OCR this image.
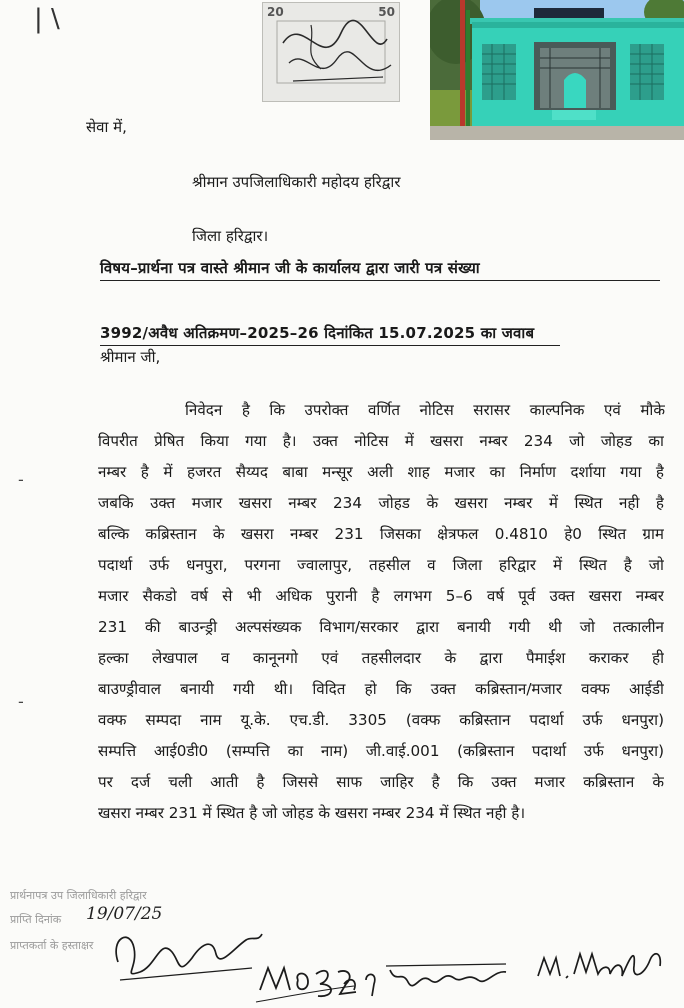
| \	20	50
सेवा में,
श्रीमान उपजिलाधिकारी महोदय हरिद्वार
जिला हरिद्वार।
विषय–प्रार्थना पत्र वास्ते श्रीमान जी के कार्यालय द्वारा जारी पत्र संख्या
3992/अवैध अतिक्रमण–2025–26 दिनांकित 15.07.2025 का जवाब
श्रीमान जी,
निवेदन है कि उपरोक्त वर्णित नोटिस सरासर काल्पनिक एवं मौके
विपरीत प्रेषित किया गया है। उक्त नोटिस में खसरा नम्बर 234 जो जोहड का
नम्बर है में हजरत सैय्यद बाबा मन्सूर अली शाह मजार का निर्माण दर्शाया गया है
जबकि उक्त मजार खसरा नम्बर 234 जोहड के खसरा नम्बर में स्थित नही है
बल्कि कब्रिस्तान के खसरा नम्बर 231 जिसका क्षेत्रफल 0.4810 हे0 स्थित ग्राम
पदार्था उर्फ धनपुरा, परगना ज्वालापुर, तहसील व जिला हरिद्वार में स्थित है जो
मजार सैकडो वर्ष से भी अधिक पुरानी है लगभग 5–6 वर्ष पूर्व उक्त खसरा नम्बर
231 की बाउन्ड्री अल्पसंख्यक विभाग/सरकार द्वारा बनायी गयी थी जो तत्कालीन
हल्का लेखपाल व कानूनगो एवं तहसीलदार के द्वारा पैमाईश कराकर ही
बाउण्ड्रीवाल बनायी गयी थी। विदित हो कि उक्त कब्रिस्तान/मजार वक्फ आईडी
वक्फ सम्पदा नाम यू.के. एच.डी. 3305 (वक्फ कब्रिस्तान पदार्था उर्फ धनपुरा)
सम्पत्ति आई0डी0 (सम्पत्ति का नाम) जी.वाई.001 (कब्रिस्तान पदार्था उर्फ धनपुरा)
पर दर्ज चली आती है जिससे साफ जाहिर है कि उक्त मजार कब्रिस्तान के
खसरा नम्बर 231 में स्थित है जो जोहड के खसरा नम्बर 234 में स्थित नही है।
-
-
प्रार्थनापत्र उप जिलाधिकारी हरिद्वार
प्राप्ति दिनांक
प्राप्तकर्ता के हस्ताक्षर
19/07/25
